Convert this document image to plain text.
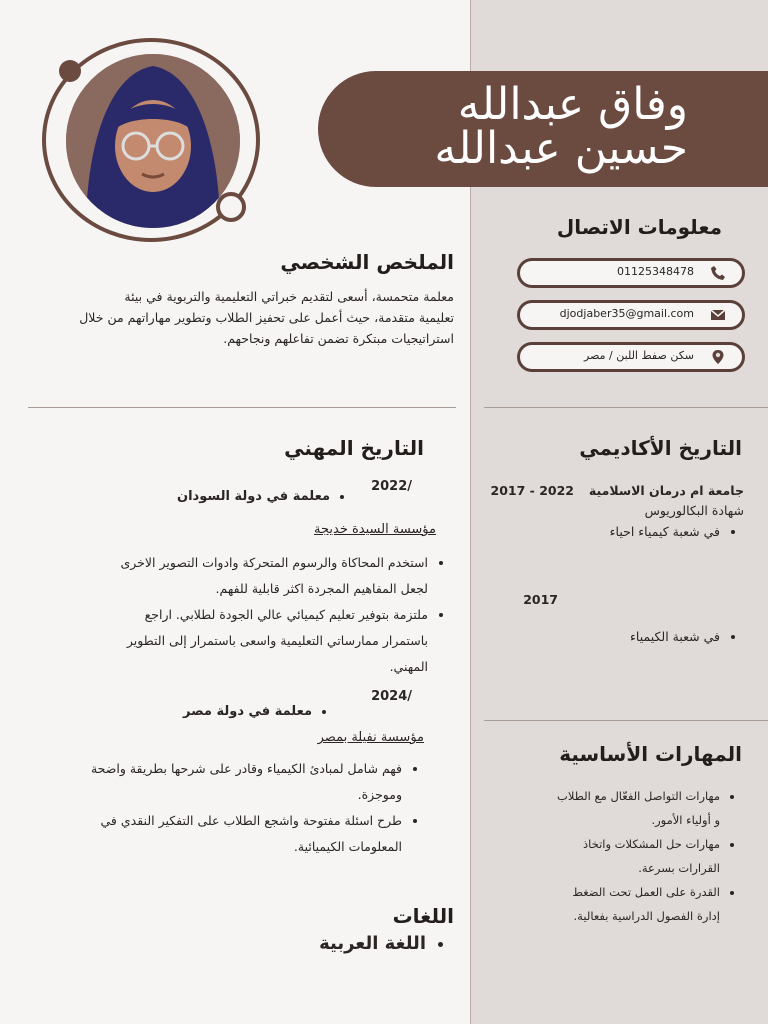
وفاق عبدالله
حسين عبدالله
معلومات الاتصال
01125348478
djodjaber35@gmail.com
سكن صفط اللبن / مصر
الملخص الشخصي
معلمة متحمسة، أسعى لتقديم خبراتي التعليمية والتربوية في بيئة
تعليمية متقدمة، حيث أعمل على تحفيز الطلاب وتطوير مهاراتهم من خلال
استراتيجيات مبتكرة تضمن تفاعلهم ونجاحهم.
التاريخ الأكاديمي
جامعة ام درمان الاسلامية
2017 - 2022
شهادة البكالوريوس
• في شعبة كيمياء احياء
2017
• في شعبة الكيمياء
التاريخ المهني
2022/
• معلمة في دولة السودان
مؤسسة السيدة خديجة
• استخدم المحاكاة والرسوم المتحركة وادوات التصوير الاخرى
لجعل المفاهيم المجردة اكثر قابلية للفهم.
• ملتزمة بتوفير تعليم كيميائي عالي الجودة لطلابي. اراجع
باستمرار ممارساتي التعليمية واسعى باستمرار إلى التطوير
المهني.
2024/
• معلمة في دولة مصر
مؤسسة نفيلة بمصر
• فهم شامل لمبادئ الكيمياء وقادر على شرحها بطريقة واضحة
وموجزة.
• طرح اسئلة مفتوحة واشجع الطلاب على التفكير النقدي في
المعلومات الكيميائية.
المهارات الأساسية
• مهارات التواصل الفعّال مع الطلاب
و أولياء الأمور.
• مهارات حل المشكلات واتخاذ
القرارات بسرعة.
• القدرة على العمل تحت الضغط
إدارة الفصول الدراسية بفعالية.
اللغات
• اللغة العربية
